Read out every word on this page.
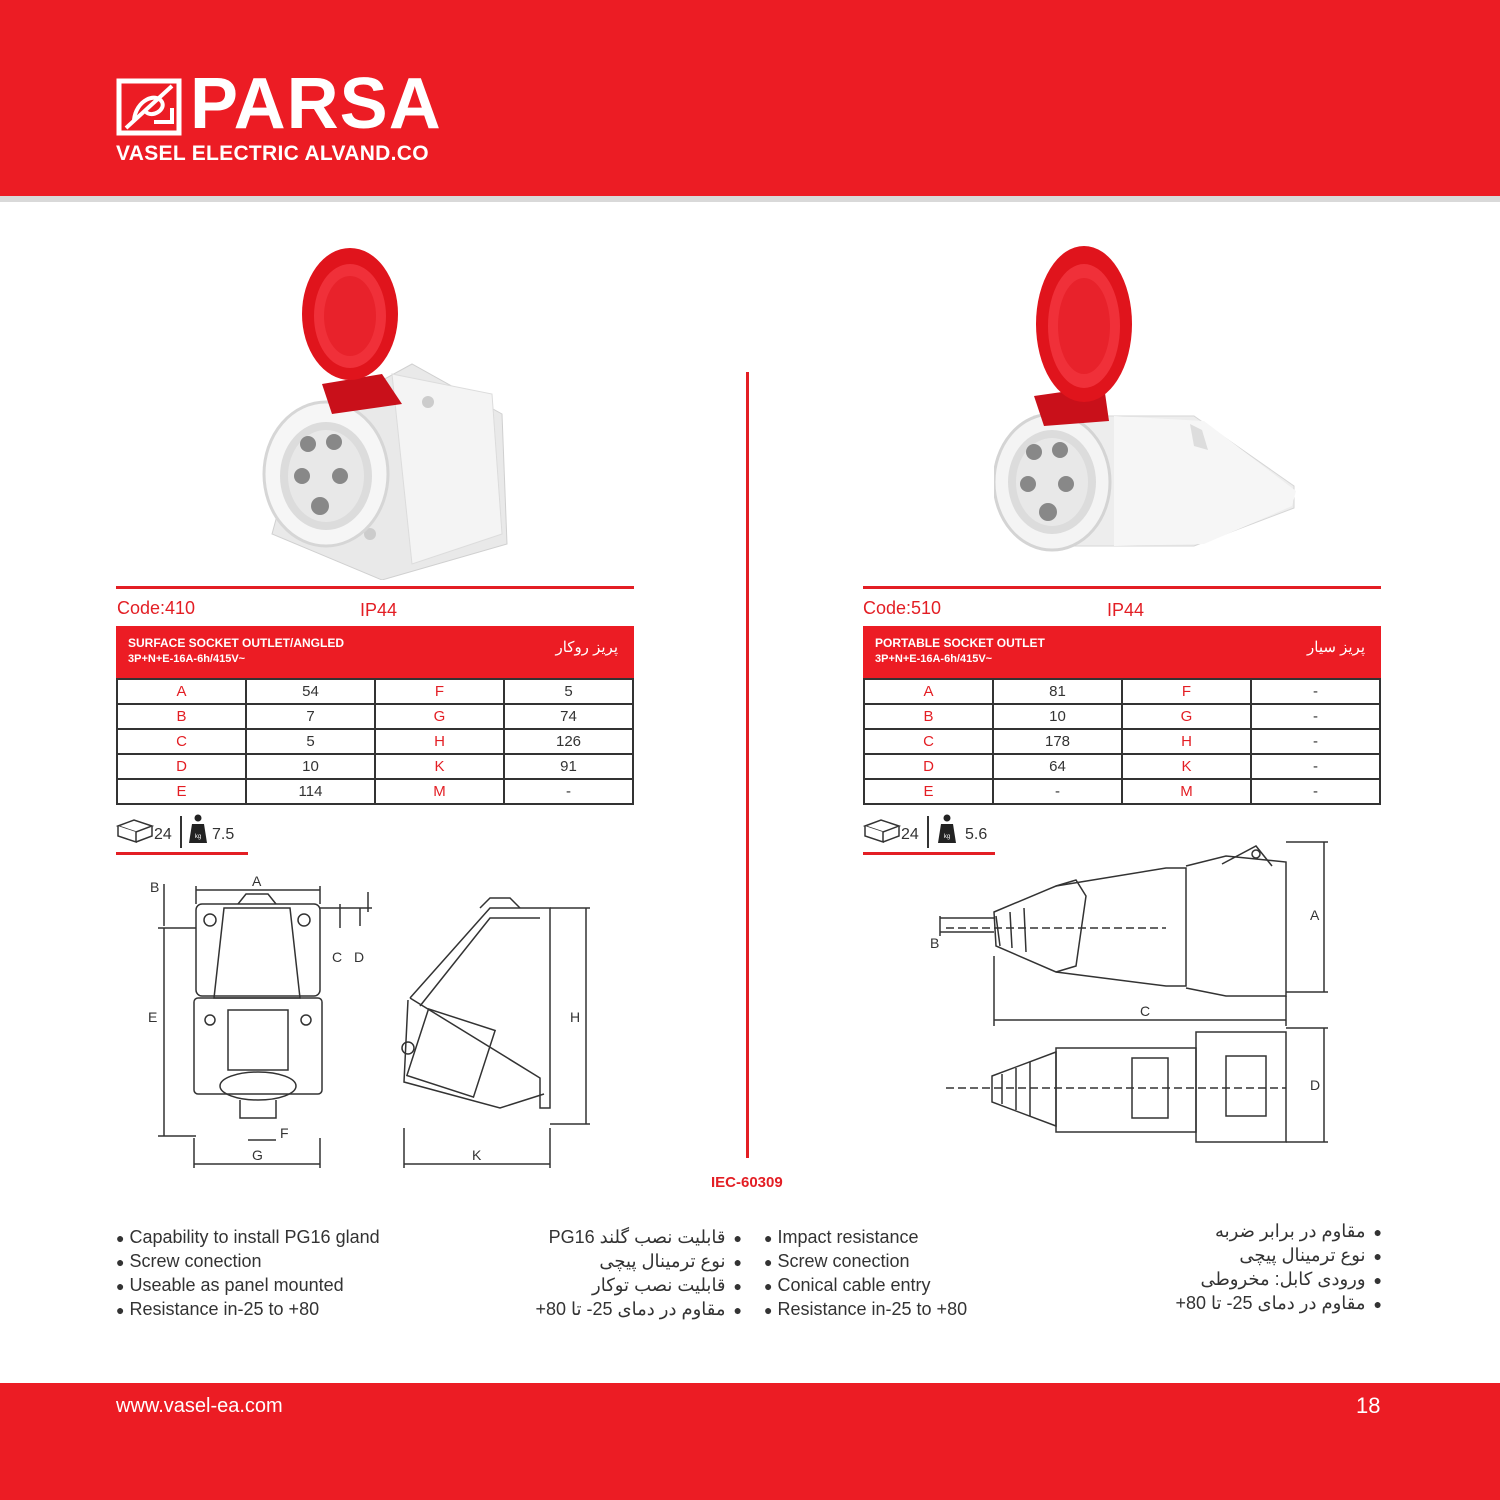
PARSA
VASEL ELECTRIC ALVAND.CO
Code:410	IP44
SURFACE SOCKET OUTLET/ANGLED
3P+N+E-16A-6h/415V~
پریز روکار
A	54	F	5
B	7	G	74
C	5	H	126
D	10	K	91
E	114	M	-
24	kg 7.5
Code:510	IP44
PORTABLE SOCKET OUTLET
3P+N+E-16A-6h/415V~
پریز سیار
A	81	F	-
B	10	G	-
C	178	H	-
D	64	K	-
E	-	M	-
24	kg 5.6
A
B
C D
E
F
G
H
K
A
B
C
D
IEC-60309
● Capability to install PG16 gland
● Screw conection
● Useable as panel mounted
● Resistance in-25 to +80
● قابلیت نصب گلند PG16
● نوع ترمینال پیچی
● قابلیت نصب توکار
● مقاوم در دمای ‎-25‎ تا ‎+80
● Impact resistance
● Screw conection
● Conical cable entry
● Resistance in-25 to +80
● مقاوم در برابر ضربه
● نوع ترمینال پیچی
● ورودی کابل: مخروطی
● مقاوم در دمای ‎-25‎ تا ‎+80
www.vasel-ea.com	18
